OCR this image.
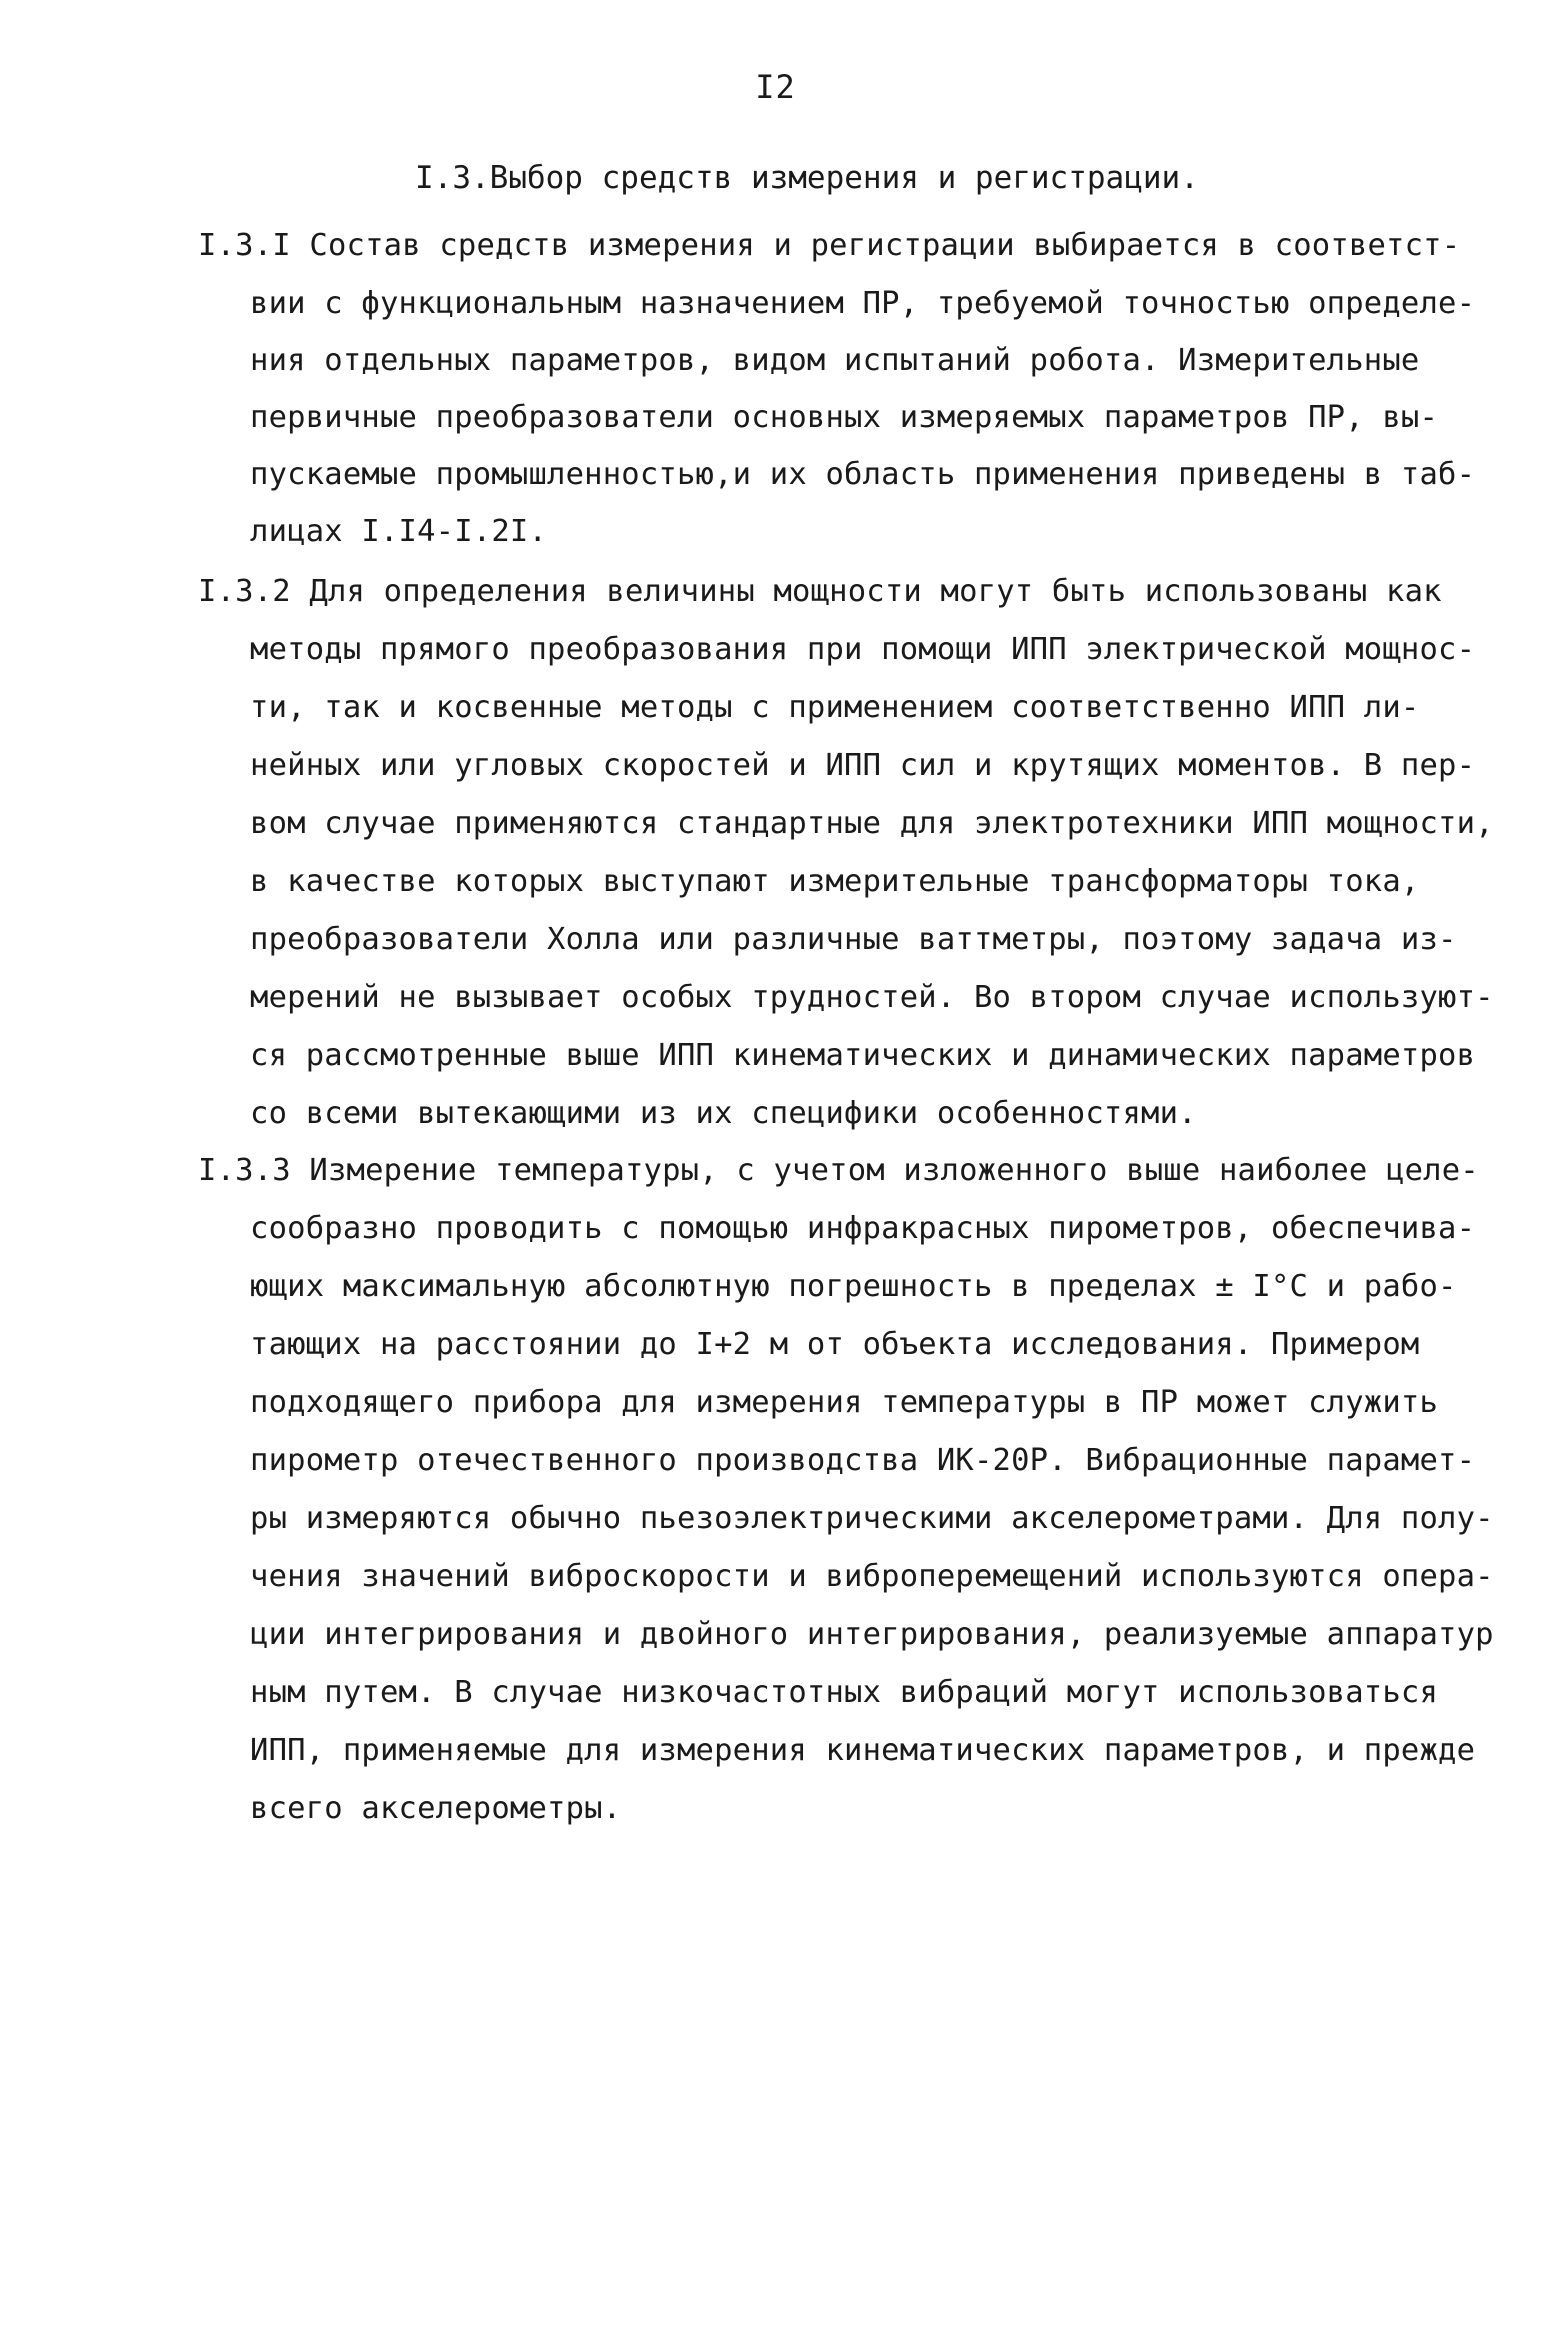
I2
I.3.Выбор средств измерения и регистрации.
I.3.I Состав средств измерения и регистрации выбирается в соответст-
вии с функциональным назначением ПР, требуемой точностью определе-
ния отдельных параметров, видом испытаний робота. Измерительные
первичные преобразователи основных измеряемых параметров ПР, вы-
пускаемые промышленностью,и их область применения приведены в таб-
лицах I.I4-I.2I.
I.3.2 Для определения величины мощности могут быть использованы как
методы прямого преобразования при помощи ИПП электрической мощнос-
ти, так и косвенные методы с применением соответственно ИПП ли-
нейных или угловых скоростей и ИПП сил и крутящих моментов. В пер-
вом случае применяются стандартные для электротехники ИПП мощности,
в качестве которых выступают измерительные трансформаторы тока,
преобразователи Холла или различные ваттметры, поэтому задача из-
мерений не вызывает особых трудностей. Во втором случае используют-
ся рассмотренные выше ИПП кинематических и динамических параметров
со всеми вытекающими из их специфики особенностями.
I.3.3 Измерение температуры, с учетом изложенного выше наиболее целе-
сообразно проводить с помощью инфракрасных пирометров, обеспечива-
ющих максимальную абсолютную погрешность в пределах ± I°С и рабо-
тающих на расстоянии до I+2 м от объекта исследования. Примером
подходящего прибора для измерения температуры в ПР может служить
пирометр отечественного производства ИК-20Р. Вибрационные парамет-
ры измеряются обычно пьезоэлектрическими акселерометрами. Для полу-
чения значений виброскорости и виброперемещений используются опера-
ции интегрирования и двойного интегрирования, реализуемые аппаратур
ным путем. В случае низкочастотных вибраций могут использоваться
ИПП, применяемые для измерения кинематических параметров, и прежде
всего акселерометры.
